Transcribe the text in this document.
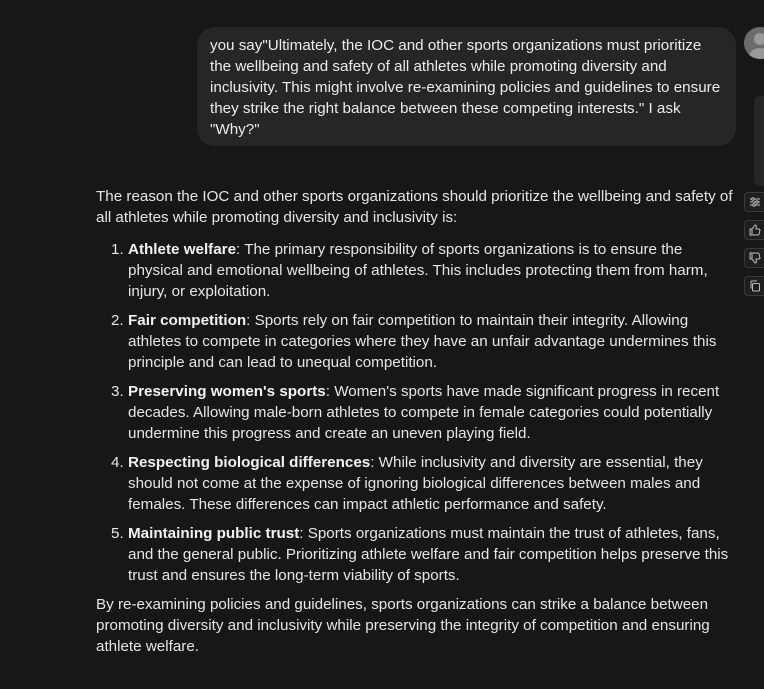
you say"Ultimately, the IOC and other sports organizations must prioritize the wellbeing and safety of all athletes while promoting diversity and inclusivity. This might involve re-examining policies and guidelines to ensure they strike the right balance between these competing interests." I ask "Why?"

The reason the IOC and other sports organizations should prioritize the wellbeing and safety of all athletes while promoting diversity and inclusivity is:

1. Athlete welfare: The primary responsibility of sports organizations is to ensure the physical and emotional wellbeing of athletes. This includes protecting them from harm, injury, or exploitation.
2. Fair competition: Sports rely on fair competition to maintain their integrity. Allowing athletes to compete in categories where they have an unfair advantage undermines this principle and can lead to unequal competition.
3. Preserving women's sports: Women's sports have made significant progress in recent decades. Allowing male-born athletes to compete in female categories could potentially undermine this progress and create an uneven playing field.
4. Respecting biological differences: While inclusivity and diversity are essential, they should not come at the expense of ignoring biological differences between males and females. These differences can impact athletic performance and safety.
5. Maintaining public trust: Sports organizations must maintain the trust of athletes, fans, and the general public. Prioritizing athlete welfare and fair competition helps preserve this trust and ensures the long-term viability of sports.

By re-examining policies and guidelines, sports organizations can strike a balance between promoting diversity and inclusivity while preserving the integrity of competition and ensuring athlete welfare.
